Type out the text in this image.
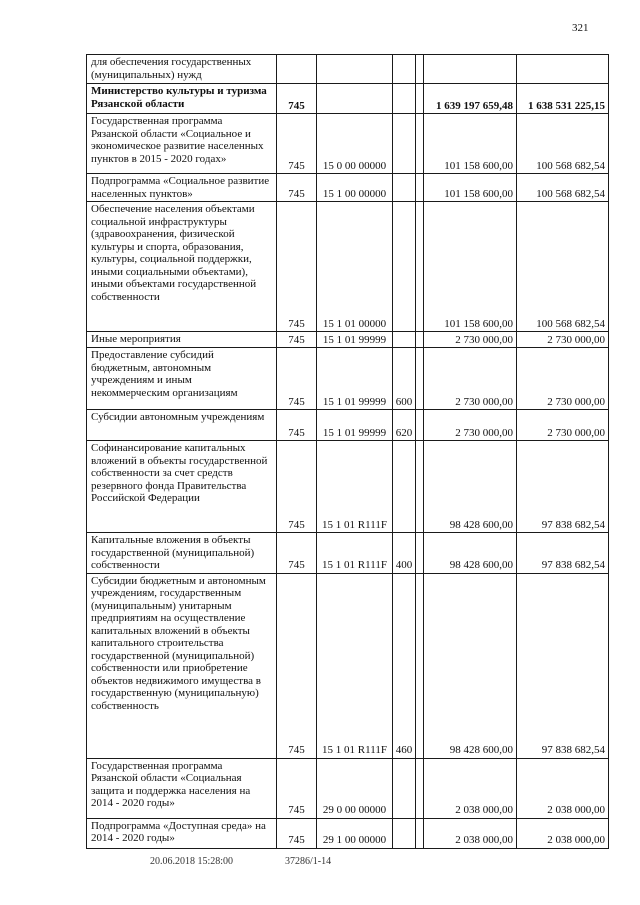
321
для обеспечения государственных (муниципальных) нужд						
Министерство культуры и туризма Рязанской области	745				1 639 197 659,48	1 638 531 225,15
Государственная программа Рязанской области «Социальное и экономическое развитие населенных пунктов в 2015 - 2020 годах»	745	15 0 00 00000			101 158 600,00	100 568 682,54
Подпрограмма «Социальное развитие населенных пунктов»	745	15 1 00 00000			101 158 600,00	100 568 682,54
Обеспечение населения объектами социальной инфраструктуры (здравоохранения, физической культуры и спорта, образования, культуры, социальной поддержки, иными социальными объектами), иными объектами государственной собственности	745	15 1 01 00000			101 158 600,00	100 568 682,54
Иные мероприятия	745	15 1 01 99999			2 730 000,00	2 730 000,00
Предоставление субсидий бюджетным, автономным учреждениям и иным некоммерческим организациям	745	15 1 01 99999	600		2 730 000,00	2 730 000,00
Субсидии автономным учреждениям	745	15 1 01 99999	620		2 730 000,00	2 730 000,00
Софинансирование капитальных вложений в объекты государственной собственности за счет средств резервного фонда Правительства Российской Федерации	745	15 1 01 R111F			98 428 600,00	97 838 682,54
Капитальные вложения в объекты государственной (муниципальной) собственности	745	15 1 01 R111F	400		98 428 600,00	97 838 682,54
Субсидии бюджетным и автономным учреждениям, государственным (муниципальным) унитарным предприятиям на осуществление капитальных вложений в объекты капитального строительства государственной (муниципальной) собственности или приобретение объектов недвижимого имущества в государственную (муниципальную) собственность	745	15 1 01 R111F	460		98 428 600,00	97 838 682,54
Государственная программа Рязанской области «Социальная защита и поддержка населения на 2014 - 2020 годы»	745	29 0 00 00000			2 038 000,00	2 038 000,00
Подпрограмма «Доступная среда» на 2014 - 2020 годы»	745	29 1 00 00000			2 038 000,00	2 038 000,00
20.06.2018 15:28:00	37286/1-14
